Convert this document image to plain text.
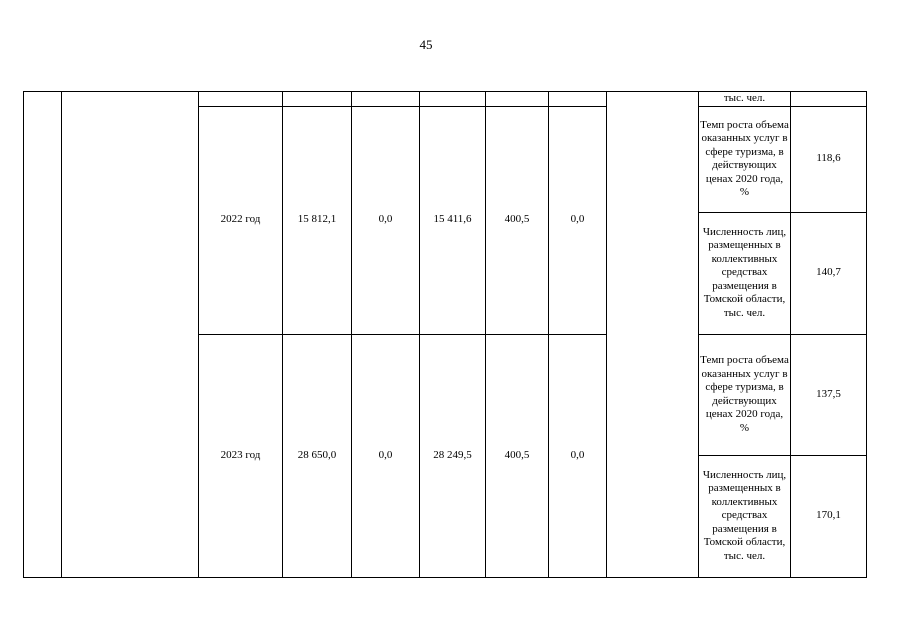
45
									тыс. чел.	
		2022 год	15 812,1	0,0	15 411,6	400,5	0,0		Темп роста объема оказанных услуг в сфере туризма, в действующих ценах 2020 года, %	118,6
									Численность лиц, размещенных в коллективных средствах размещения в Томской области, тыс. чел.	140,7
		2023 год	28 650,0	0,0	28 249,5	400,5	0,0		Темп роста объема оказанных услуг в сфере туризма, в действующих ценах 2020 года, %	137,5
									Численность лиц, размещенных в коллективных средствах размещения в Томской области, тыс. чел.	170,1
